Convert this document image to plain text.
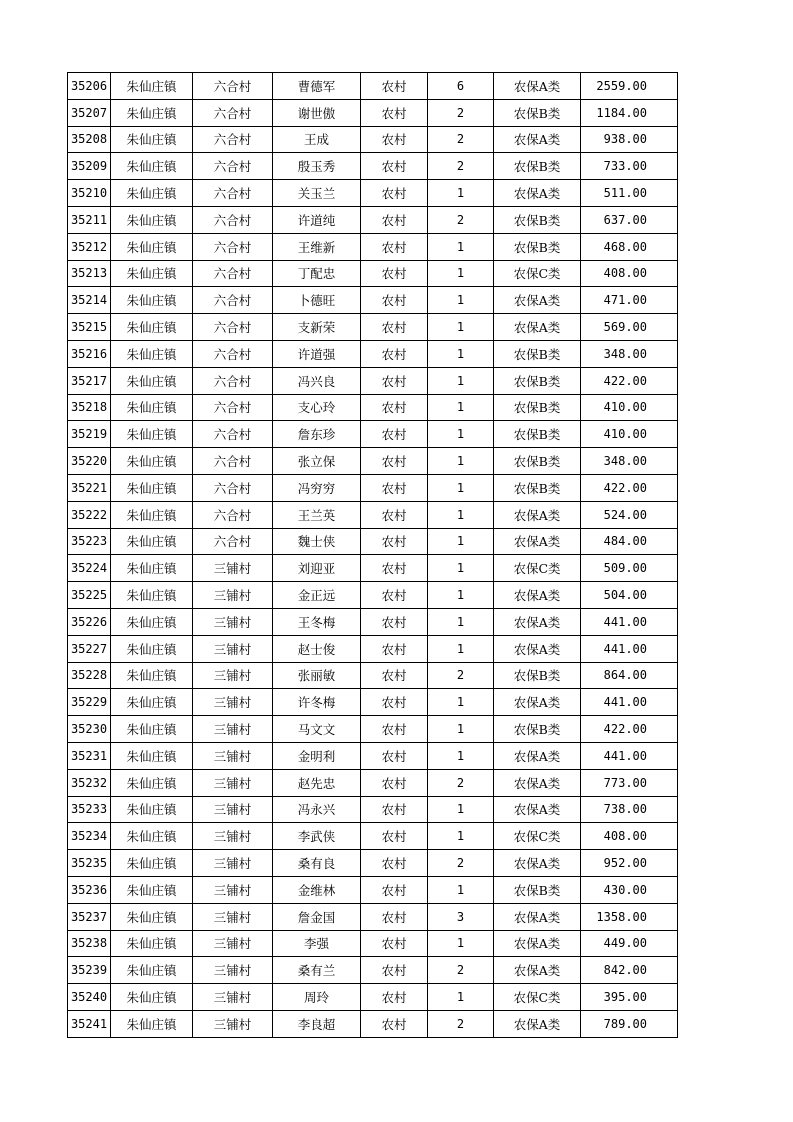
35206	朱仙庄镇	六合村	曹德军	农村	6	农保A类	2559.00
35207	朱仙庄镇	六合村	谢世傲	农村	2	农保B类	1184.00
35208	朱仙庄镇	六合村	王成	农村	2	农保A类	938.00
35209	朱仙庄镇	六合村	殷玉秀	农村	2	农保B类	733.00
35210	朱仙庄镇	六合村	关玉兰	农村	1	农保A类	511.00
35211	朱仙庄镇	六合村	许道纯	农村	2	农保B类	637.00
35212	朱仙庄镇	六合村	王维新	农村	1	农保B类	468.00
35213	朱仙庄镇	六合村	丁配忠	农村	1	农保C类	408.00
35214	朱仙庄镇	六合村	卜德旺	农村	1	农保A类	471.00
35215	朱仙庄镇	六合村	支新荣	农村	1	农保A类	569.00
35216	朱仙庄镇	六合村	许道强	农村	1	农保B类	348.00
35217	朱仙庄镇	六合村	冯兴良	农村	1	农保B类	422.00
35218	朱仙庄镇	六合村	支心玲	农村	1	农保B类	410.00
35219	朱仙庄镇	六合村	詹东珍	农村	1	农保B类	410.00
35220	朱仙庄镇	六合村	张立保	农村	1	农保B类	348.00
35221	朱仙庄镇	六合村	冯穷穷	农村	1	农保B类	422.00
35222	朱仙庄镇	六合村	王兰英	农村	1	农保A类	524.00
35223	朱仙庄镇	六合村	魏士侠	农村	1	农保A类	484.00
35224	朱仙庄镇	三铺村	刘迎亚	农村	1	农保C类	509.00
35225	朱仙庄镇	三铺村	金正远	农村	1	农保A类	504.00
35226	朱仙庄镇	三铺村	王冬梅	农村	1	农保A类	441.00
35227	朱仙庄镇	三铺村	赵士俊	农村	1	农保A类	441.00
35228	朱仙庄镇	三铺村	张丽敏	农村	2	农保B类	864.00
35229	朱仙庄镇	三铺村	许冬梅	农村	1	农保A类	441.00
35230	朱仙庄镇	三铺村	马文文	农村	1	农保B类	422.00
35231	朱仙庄镇	三铺村	金明利	农村	1	农保A类	441.00
35232	朱仙庄镇	三铺村	赵先忠	农村	2	农保A类	773.00
35233	朱仙庄镇	三铺村	冯永兴	农村	1	农保A类	738.00
35234	朱仙庄镇	三铺村	李武侠	农村	1	农保C类	408.00
35235	朱仙庄镇	三铺村	桑有良	农村	2	农保A类	952.00
35236	朱仙庄镇	三铺村	金维林	农村	1	农保B类	430.00
35237	朱仙庄镇	三铺村	詹金国	农村	3	农保A类	1358.00
35238	朱仙庄镇	三铺村	李强	农村	1	农保A类	449.00
35239	朱仙庄镇	三铺村	桑有兰	农村	2	农保A类	842.00
35240	朱仙庄镇	三铺村	周玲	农村	1	农保C类	395.00
35241	朱仙庄镇	三铺村	李良超	农村	2	农保A类	789.00
